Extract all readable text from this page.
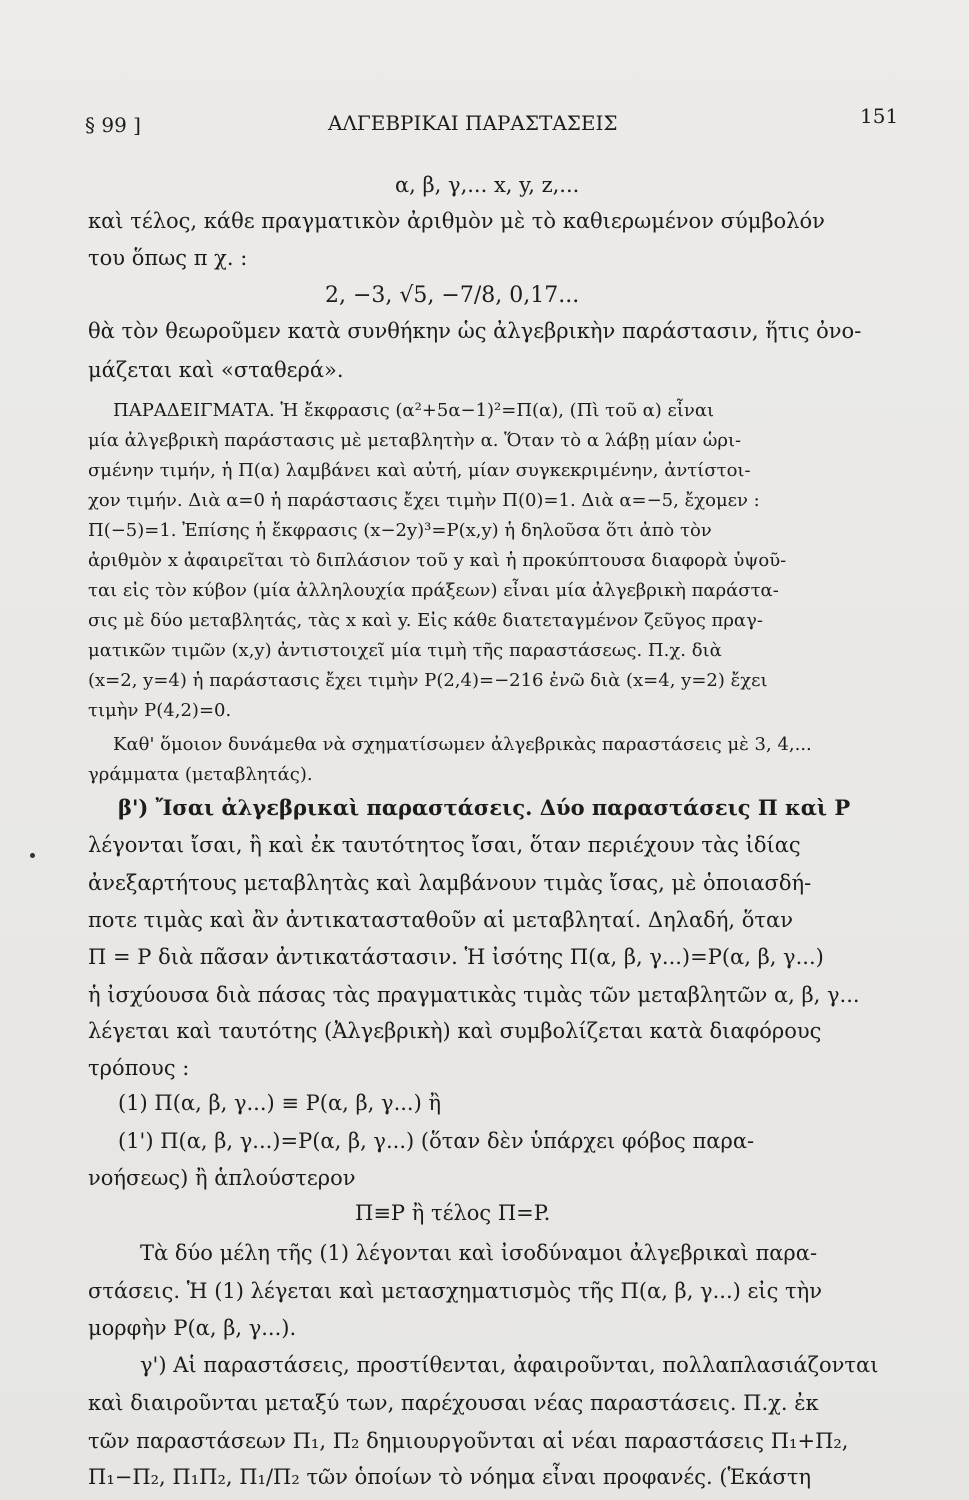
§ 99 ]	ΑΛΓΕΒΡΙΚΑΙ ΠΑΡΑΣΤΑΣΕΙΣ	151
α, β, γ,... x, y, z,...
καὶ τέλος, κάθε πραγματικὸν ἀριθμὸν μὲ τὸ καθιερωμένον σύμβολόν
του ὅπως π χ. :
2, −3, √5, −7/8, 0,17...
θὰ τὸν θεωροῦμεν κατὰ συνθήκην ὡς ἀλγεβρικὴν παράστασιν, ἥτις ὀνο-
μάζεται καὶ «σταθερά».
ΠΑΡΑΔΕΙΓΜΑΤΑ. Ἡ ἔκφρασις (α²+5α−1)²=Π(α), (Πὶ τοῦ α) εἶναι
μία ἀλγεβρικὴ παράστασις μὲ μεταβλητὴν α. Ὅταν τὸ α λάβῃ μίαν ὡρι-
σμένην τιμήν, ἡ Π(α) λαμβάνει καὶ αὐτή, μίαν συγκεκριμένην, ἀντίστοι-
χον τιμήν. Διὰ α=0 ἡ παράστασις ἔχει τιμὴν Π(0)=1. Διὰ α=−5, ἔχομεν :
Π(−5)=1. Ἐπίσης ἡ ἔκφρασις (x−2y)³=P(x,y) ἡ δηλοῦσα ὅτι ἀπὸ τὸν
ἀριθμὸν x ἀφαιρεῖται τὸ διπλάσιον τοῦ y καὶ ἡ προκύπτουσα διαφορὰ ὑψοῦ-
ται εἰς τὸν κύβον (μία ἀλληλουχία πράξεων) εἶναι μία ἀλγεβρικὴ παράστα-
σις μὲ δύο μεταβλητάς, τὰς x καὶ y. Εἰς κάθε διατεταγμένον ζεῦγος πραγ-
ματικῶν τιμῶν (x,y) ἀντιστοιχεῖ μία τιμὴ τῆς παραστάσεως. Π.χ. διὰ
(x=2, y=4) ἡ παράστασις ἔχει τιμὴν P(2,4)=−216 ἐνῶ διὰ (x=4, y=2) ἔχει
τιμὴν P(4,2)=0.
Καθ' ὅμοιον δυνάμεθα νὰ σχηματίσωμεν ἀλγεβρικὰς παραστάσεις μὲ 3, 4,...
γράμματα (μεταβλητάς).
β') Ἴσαι ἀλγεβρικαὶ παραστάσεις. Δύο παραστάσεις Π καὶ P
λέγονται ἴσαι, ἢ καὶ ἐκ ταυτότητος ἴσαι, ὅταν περιέχουν τὰς ἰδίας
ἀνεξαρτήτους μεταβλητὰς καὶ λαμβάνουν τιμὰς ἴσας, μὲ ὁποιασδή-
ποτε τιμὰς καὶ ἂν ἀντικατασταθοῦν αἱ μεταβληταί. Δηλαδή, ὅταν
Π = P διὰ πᾶσαν ἀντικατάστασιν. Ἡ ἰσότης Π(α, β, γ...)=P(α, β, γ...)
ἡ ἰσχύουσα διὰ πάσας τὰς πραγματικὰς τιμὰς τῶν μεταβλητῶν α, β, γ...
λέγεται καὶ ταυτότης (Ἀλγεβρικὴ) καὶ συμβολίζεται κατὰ διαφόρους
τρόπους :
(1) Π(α, β, γ...) ≡ P(α, β, γ...) ἢ
(1') Π(α, β, γ...)=P(α, β, γ...) (ὅταν δὲν ὑπάρχει φόβος παρα-
νοήσεως) ἢ ἁπλούστερον
Π≡P ἢ τέλος Π=P.
Τὰ δύο μέλη τῆς (1) λέγονται καὶ ἰσοδύναμοι ἀλγεβρικαὶ παρα-
στάσεις. Ἡ (1) λέγεται καὶ μετασχηματισμὸς τῆς Π(α, β, γ...) εἰς τὴν
μορφὴν P(α, β, γ...).
γ') Αἱ παραστάσεις, προστίθενται, ἀφαιροῦνται, πολλαπλασιάζονται
καὶ διαιροῦνται μεταξύ των, παρέχουσαι νέας παραστάσεις. Π.χ. ἐκ
τῶν παραστάσεων Π₁, Π₂ δημιουργοῦνται αἱ νέαι παραστάσεις Π₁+Π₂,
Π₁−Π₂, Π₁Π₂, Π₁/Π₂ τῶν ὁποίων τὸ νόημα εἶναι προφανές. (Ἑκάστη
